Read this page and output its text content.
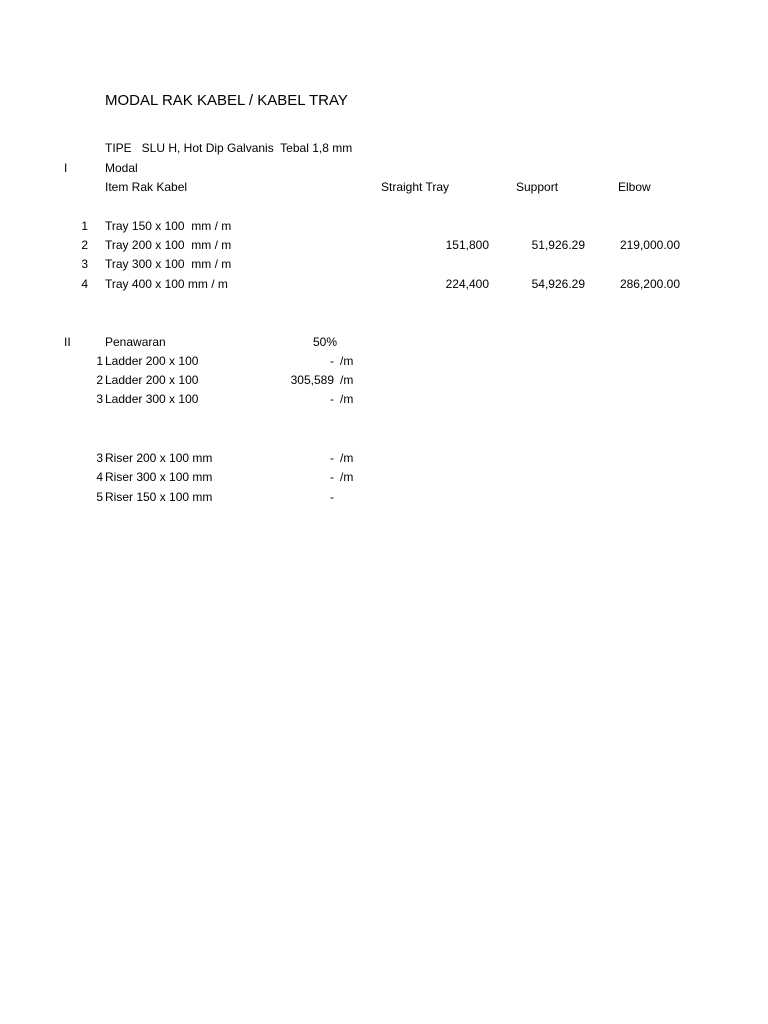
MODAL RAK KABEL / KABEL TRAY
TIPE   SLU H, Hot Dip Galvanis  Tebal 1,8 mm
I	Modal
Item Rak Kabel	Straight Tray	Support	Elbow
1 Tray 150 x 100  mm / m
2 Tray 200 x 100  mm / m	151,800	51,926.29	219,000.00
3 Tray 300 x 100  mm / m
4 Tray 400 x 100 mm / m	224,400	54,926.29	286,200.00
II	Penawaran	50%
1 Ladder 200 x 100	- /m
2 Ladder 200 x 100	305,589 /m
3 Ladder 300 x 100	- /m
3 Riser 200 x 100 mm	- /m
4 Riser 300 x 100 mm	- /m
5 Riser 150 x 100 mm	-
